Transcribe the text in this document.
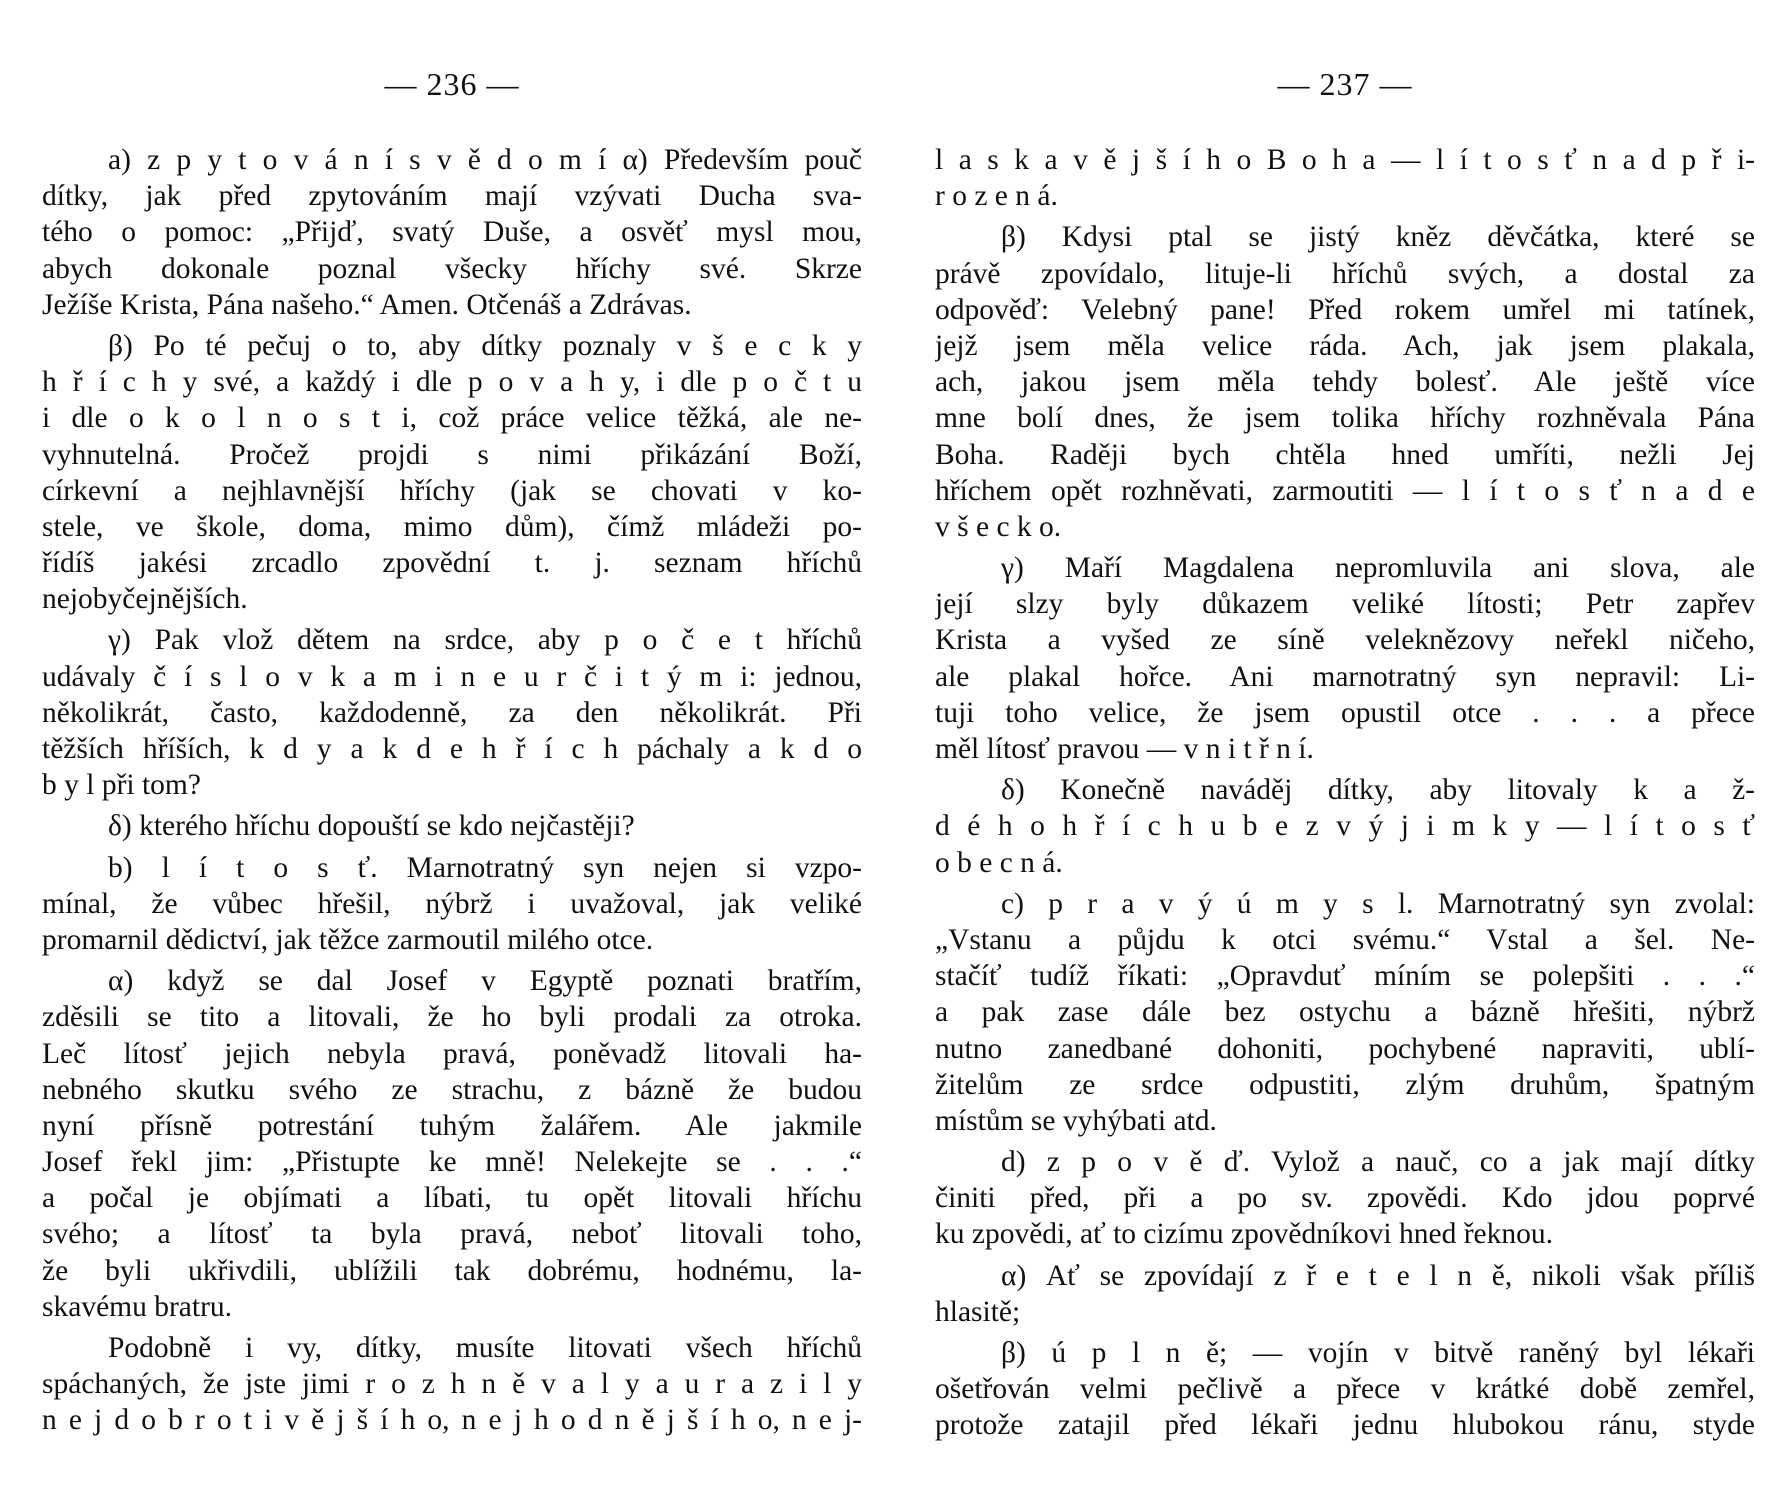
— 236 —
a) z p y t o v á n í s v ě d o m í α) Především pouč
dítky, jak před zpytováním mají vzývati Ducha sva-
tého o pomoc: „Přijď, svatý Duše, a osvěť mysl mou,
abych dokonale poznal všecky hříchy své. Skrze
Ježíše Krista, Pána našeho.“ Amen. Otčenáš a Zdrávas.
β) Po té pečuj o to, aby dítky poznaly v š e c k y
h ř í c h y své, a každý i dle p o v a h y, i dle p o č t u
i dle o k o l n o s t i, což práce velice těžká, ale ne-
vyhnutelná. Pročež projdi s nimi přikázání Boží,
církevní a nejhlavnější hříchy (jak se chovati v ko-
stele, ve škole, doma, mimo dům), čímž mládeži po-
řídíš jakési zrcadlo zpovědní t. j. seznam hříchů
nejobyčejnějších.
γ) Pak vlož dětem na srdce, aby p o č e t hříchů
udávaly č í s l o v k a m i n e u r č i t ý m i: jednou,
několikrát, často, každodenně, za den několikrát. Při
těžších hříších, k d y a k d e h ř í c h páchaly a k d o
b y l při tom?
δ) kterého hříchu dopouští se kdo nejčastěji?
b) l í t o s ť. Marnotratný syn nejen si vzpo-
mínal, že vůbec hřešil, nýbrž i uvažoval, jak veliké
promarnil dědictví, jak těžce zarmoutil milého otce.
α) když se dal Josef v Egyptě poznati bratřím,
zděsili se tito a litovali, že ho byli prodali za otroka.
Leč lítosť jejich nebyla pravá, poněvadž litovali ha-
nebného skutku svého ze strachu, z bázně že budou
nyní přísně potrestání tuhým žalářem. Ale jakmile
Josef řekl jim: „Přistupte ke mně! Nelekejte se . . .“
a počal je objímati a líbati, tu opět litovali hříchu
svého; a lítosť ta byla pravá, neboť litovali toho,
že byli ukřivdili, ublížili tak dobrému, hodnému, la-
skavému bratru.
Podobně i vy, dítky, musíte litovati všech hříchů
spáchaných, že jste jimi r o z h n ě v a l y a u r a z i l y
n e j d o b r o t i v ě j š í h o, n e j h o d n ě j š í h o, n e j-
— 237 —
l a s k a v ě j š í h o B o h a — l í t o s ť n a d p ř i-
r o z e n á.
β) Kdysi ptal se jistý kněz děvčátka, které se
právě zpovídalo, lituje-li hříchů svých, a dostal za
odpověď: Velebný pane! Před rokem umřel mi tatínek,
jejž jsem měla velice ráda. Ach, jak jsem plakala,
ach, jakou jsem měla tehdy bolesť. Ale ještě více
mne bolí dnes, že jsem tolika hříchy rozhněvala Pána
Boha. Raději bych chtěla hned umříti, nežli Jej
hříchem opět rozhněvati, zarmoutiti — l í t o s ť n a d e
v š e c k o.
γ) Maří Magdalena nepromluvila ani slova, ale
její slzy byly důkazem veliké lítosti; Petr zapřev
Krista a vyšed ze síně veleknězovy neřekl ničeho,
ale plakal hořce. Ani marnotratný syn nepravil: Li-
tuji toho velice, že jsem opustil otce . . . a přece
měl lítosť pravou — v n i t ř n í.
δ) Konečně naváděj dítky, aby litovaly k a ž-
d é h o h ř í c h u b e z v ý j i m k y — l í t o s ť
o b e c n á.
c) p r a v ý ú m y s l. Marnotratný syn zvolal:
„Vstanu a půjdu k otci svému.“ Vstal a šel. Ne-
stačíť tudíž říkati: „Opravduť míním se polepšiti . . .“
a pak zase dále bez ostychu a bázně hřešiti, nýbrž
nutno zanedbané dohoniti, pochybené napraviti, ublí-
žitelům ze srdce odpustiti, zlým druhům, špatným
místům se vyhýbati atd.
d) z p o v ě ď. Vylož a nauč, co a jak mají dítky
činiti před, při a po sv. zpovědi. Kdo jdou poprvé
ku zpovědi, ať to cizímu zpovědníkovi hned řeknou.
α) Ať se zpovídají z ř e t e l n ě, nikoli však příliš
hlasitě;
β) ú p l n ě; — vojín v bitvě raněný byl lékaři
ošetřován velmi pečlivě a přece v krátké době zemřel,
protože zatajil před lékaři jednu hlubokou ránu, styde
